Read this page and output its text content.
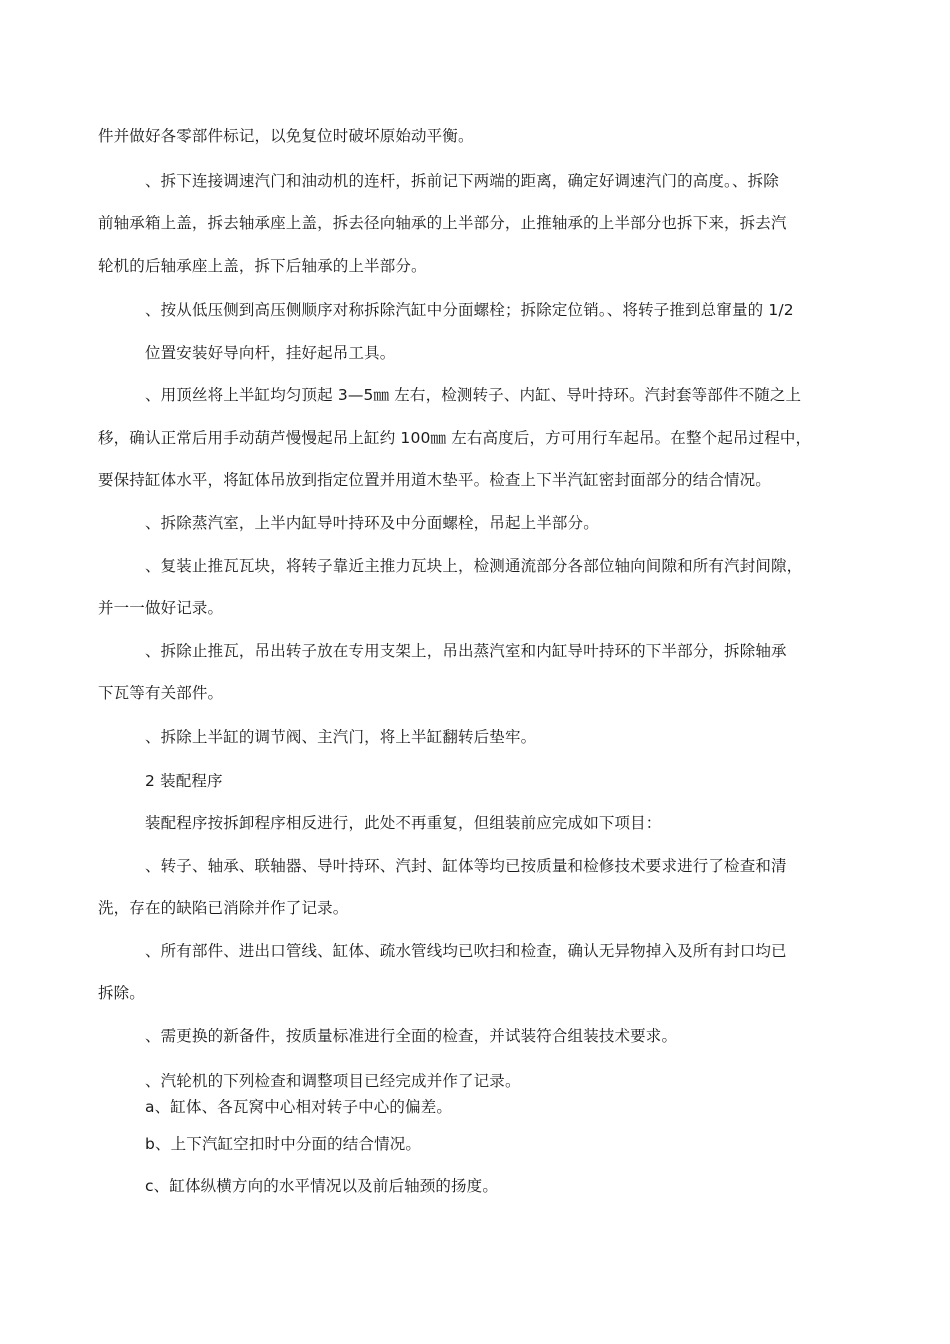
件并做好各零部件标记，以免复位时破坏原始动平衡。

、拆下连接调速汽门和油动机的连杆，拆前记下两端的距离，确定好调速汽门的高度。、拆除

前轴承箱上盖，拆去轴承座上盖，拆去径向轴承的上半部分，止推轴承的上半部分也拆下来，拆去汽

轮机的后轴承座上盖，拆下后轴承的上半部分。

、按从低压侧到高压侧顺序对称拆除汽缸中分面螺栓；拆除定位销。、将转子推到总窜量的 1/2

位置安装好导向杆，挂好起吊工具。

、用顶丝将上半缸均匀顶起 3—5㎜ 左右，检测转子、内缸、导叶持环。汽封套等部件不随之上

移，确认正常后用手动葫芦慢慢起吊上缸约 100㎜ 左右高度后，方可用行车起吊。在整个起吊过程中，

要保持缸体水平，将缸体吊放到指定位置并用道木垫平。检查上下半汽缸密封面部分的结合情况。

、拆除蒸汽室，上半内缸导叶持环及中分面螺栓，吊起上半部分。

、复装止推瓦瓦块，将转子靠近主推力瓦块上，检测通流部分各部位轴向间隙和所有汽封间隙，

并一一做好记录。

、拆除止推瓦，吊出转子放在专用支架上，吊出蒸汽室和内缸导叶持环的下半部分，拆除轴承

下瓦等有关部件。

、拆除上半缸的调节阀、主汽门，将上半缸翻转后垫牢。

2 装配程序

装配程序按拆卸程序相反进行，此处不再重复，但组装前应完成如下项目：

、转子、轴承、联轴器、导叶持环、汽封、缸体等均已按质量和检修技术要求进行了检查和清

洗，存在的缺陷已消除并作了记录。

、所有部件、进出口管线、缸体、疏水管线均已吹扫和检查，确认无异物掉入及所有封口均已

拆除。

、需更换的新备件，按质量标准进行全面的检查，并试装符合组装技术要求。

、汽轮机的下列检查和调整项目已经完成并作了记录。

a、缸体、各瓦窝中心相对转子中心的偏差。

b、上下汽缸空扣时中分面的结合情况。

c、缸体纵横方向的水平情况以及前后轴颈的扬度。
